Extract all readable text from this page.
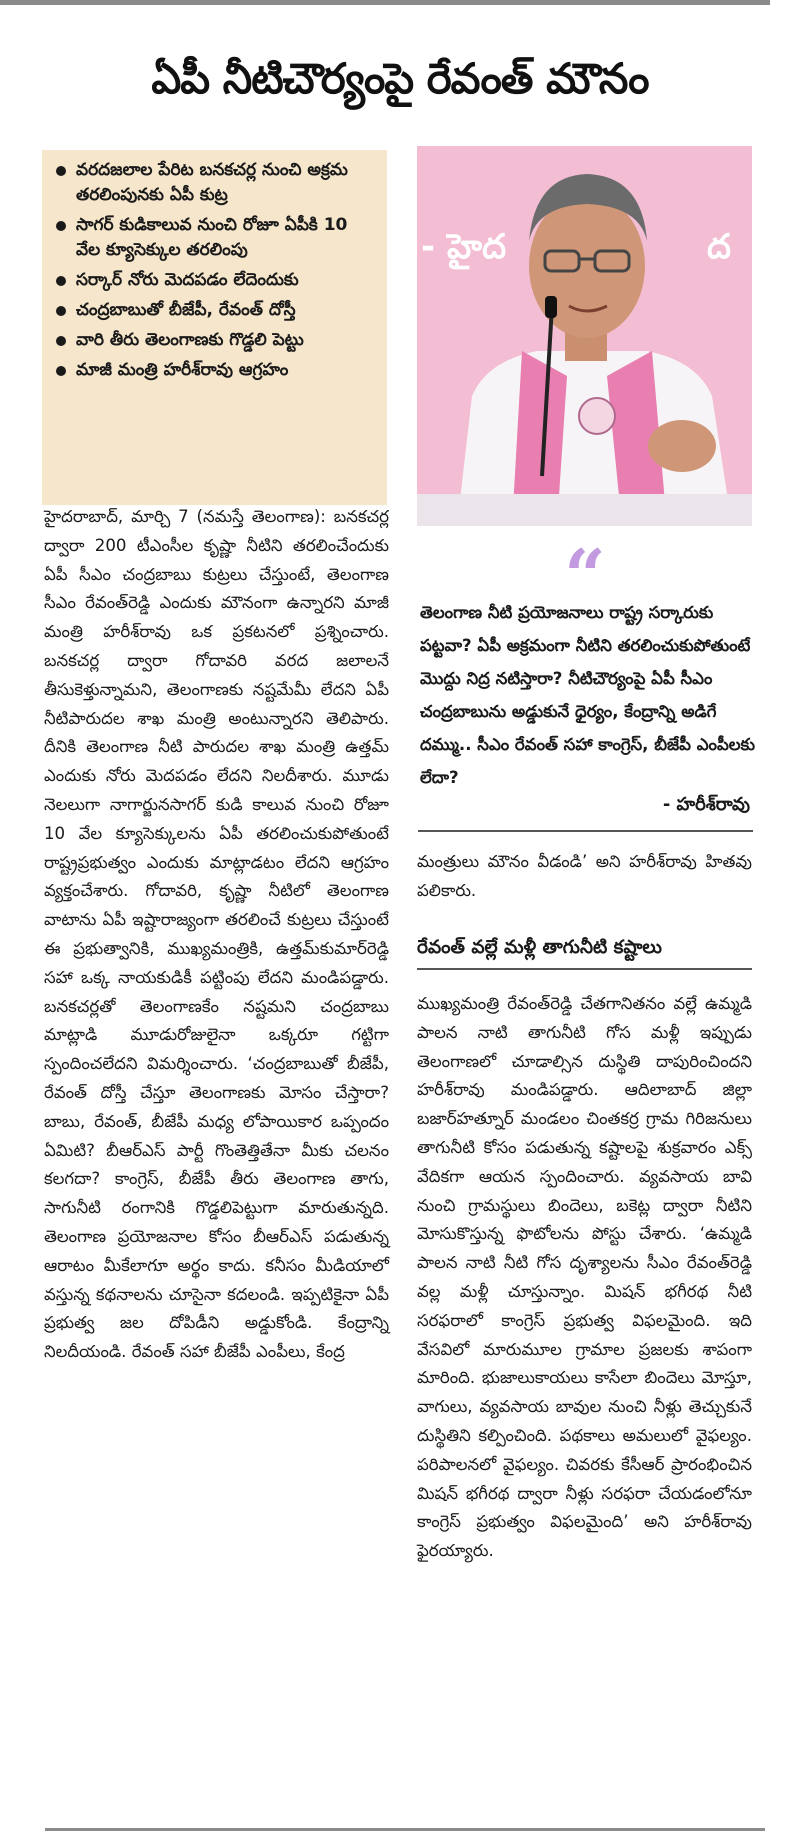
ఏపీ నీటిచౌర్యంపై రేవంత్ మౌనం
వరదజలాల పేరిట బనకచర్ల నుంచి అక్రమ తరలింపునకు ఏపీ కుట్ర
సాగర్ కుడికాలువ నుంచి రోజూ ఏపీకి 10 వేల క్యూసెక్కుల తరలింపు
సర్కార్ నోరు మెదపడం లేదెందుకు
చంద్రబాబుతో బీజేపీ, రేవంత్ దోస్తీ
వారి తీరు తెలంగాణకు గొడ్డలి పెట్టు
మాజీ మంత్రి హరీశ్‌రావు ఆగ్రహం
- హైద	ద

హైదరాబాద్, మార్చి 7 (నమస్తే తెలంగాణ): బనకచర్ల ద్వారా 200 టీఎంసీల కృష్ణా నీటిని తరలించేందుకు ఏపీ సీఎం చంద్రబాబు కుట్రలు చేస్తుంటే, తెలంగాణ సీఎం రేవంత్‌రెడ్డి ఎందుకు మౌనంగా ఉన్నారని మాజీ మంత్రి హరీశ్‌రావు ఒక ప్రకటనలో ప్రశ్నించారు. బనకచర్ల ద్వారా గోదావరి వరద జలాలనే తీసుకెళ్తున్నామని, తెలంగాణకు నష్టమేమీ లేదని ఏపీ నీటిపారుదల శాఖ మంత్రి అంటున్నారని తెలిపారు. దీనికి తెలంగాణ నీటి పారుదల శాఖ మంత్రి ఉత్తమ్ ఎందుకు నోరు మెదపడం లేదని నిలదీశారు. మూడు నెలలుగా నాగార్జునసాగర్ కుడి కాలువ నుంచి రోజూ 10 వేల క్యూసెక్కులను ఏపీ తరలించుకుపోతుంటే రాష్ట్రప్రభుత్వం ఎందుకు మాట్లాడటం లేదని ఆగ్రహం వ్యక్తంచేశారు. గోదావరి, కృష్ణా నీటిలో తెలంగాణ వాటాను ఏపీ ఇష్టారాజ్యంగా తరలించే కుట్రలు చేస్తుంటే ఈ ప్రభుత్వానికి, ముఖ్యమంత్రికి, ఉత్తమ్‌కుమార్‌రెడ్డి సహా ఒక్క నాయకుడికీ పట్టింపు లేదని మండిపడ్డారు. బనకచర్లతో తెలంగాణకేం నష్టమని చంద్రబాబు మాట్లాడి మూడురోజులైనా ఒక్కరూ గట్టిగా స్పందించలేదని విమర్శించారు. ‘చంద్రబాబుతో బీజేపీ, రేవంత్ దోస్తీ చేస్తూ తెలంగాణకు మోసం చేస్తారా? బాబు, రేవంత్, బీజేపీ మధ్య లోపాయికార ఒప్పందం ఏమిటి? బీఆర్‌ఎస్ పార్టీ గొంతెత్తితేనా మీకు చలనం కలగదా? కాంగ్రెస్, బీజేపీ తీరు తెలంగాణ తాగు, సాగునీటి రంగానికి గొడ్డలిపెట్టుగా మారుతున్నది. తెలంగాణ ప్రయోజనాల కోసం బీఆర్‌ఎస్ పడుతున్న ఆరాటం మీకేలాగూ అర్థం కాదు. కనీసం మీడియాలో వస్తున్న కథనాలను చూసైనా కదలండి. ఇప్పటికైనా ఏపీ ప్రభుత్వ జల దోపిడీని అడ్డుకోండి. కేంద్రాన్ని నిలదీయండి. రేవంత్ సహా బీజేపీ ఎంపీలు, కేంద్ర

“
తెలంగాణ నీటి ప్రయోజనాలు రాష్ట్ర సర్కారుకు పట్టవా? ఏపీ అక్రమంగా నీటిని తరలించుకుపోతుంటే మొద్దు నిద్ర నటిస్తారా? నీటిచౌర్యంపై ఏపీ సీఎం చంద్రబాబును అడ్డుకునే ధైర్యం, కేంద్రాన్ని అడిగే దమ్ము.. సీఎం రేవంత్ సహా కాంగ్రెస్, బీజేపీ ఎంపీలకు లేదా?
- హరీశ్‌రావు

మంత్రులు మౌనం వీడండి’ అని హరీశ్‌రావు హితవు పలికారు.

రేవంత్ వల్లే మళ్లీ తాగునీటి కష్టాలు

ముఖ్యమంత్రి రేవంత్‌రెడ్డి చేతగానితనం వల్లే ఉమ్మడి పాలన నాటి తాగునీటి గోస మళ్లీ ఇప్పుడు తెలంగాణలో చూడాల్సిన దుస్థితి దాపురించిందని హరీశ్‌రావు మండిపడ్డారు. ఆదిలాబాద్ జిల్లా బజార్‌హత్నూర్ మండలం చింతకర్ర గ్రామ గిరిజనులు తాగునీటి కోసం పడుతున్న కష్టాలపై శుక్రవారం ఎక్స్ వేదికగా ఆయన స్పందించారు. వ్యవసాయ బావి నుంచి గ్రామస్థులు బిందెలు, బకెట్ల ద్వారా నీటిని మోసుకొస్తున్న ఫొటోలను పోస్టు చేశారు. ‘ఉమ్మడి పాలన నాటి నీటి గోస దృశ్యాలను సీఎం రేవంత్‌రెడ్డి వల్ల మళ్లీ చూస్తున్నాం. మిషన్ భగీరథ నీటి సరఫరాలో కాంగ్రెస్ ప్రభుత్వ విఫలమైంది. ఇది వేసవిలో మారుమూల గ్రామాల ప్రజలకు శాపంగా మారింది. భుజాలుకాయలు కాసేలా బిందెలు మోస్తూ, వాగులు, వ్యవసాయ బావుల నుంచి నీళ్లు తెచ్చుకునే దుస్థితిని కల్పించింది. పథకాలు అమలులో వైఫల్యం. పరిపాలనలో వైఫల్యం. చివరకు కేసీఆర్ ప్రారంభించిన మిషన్ భగీరథ ద్వారా నీళ్లు సరఫరా చేయడంలోనూ కాంగ్రెస్ ప్రభుత్వం విఫలమైంది’ అని హరీశ్‌రావు ఫైరయ్యారు.
